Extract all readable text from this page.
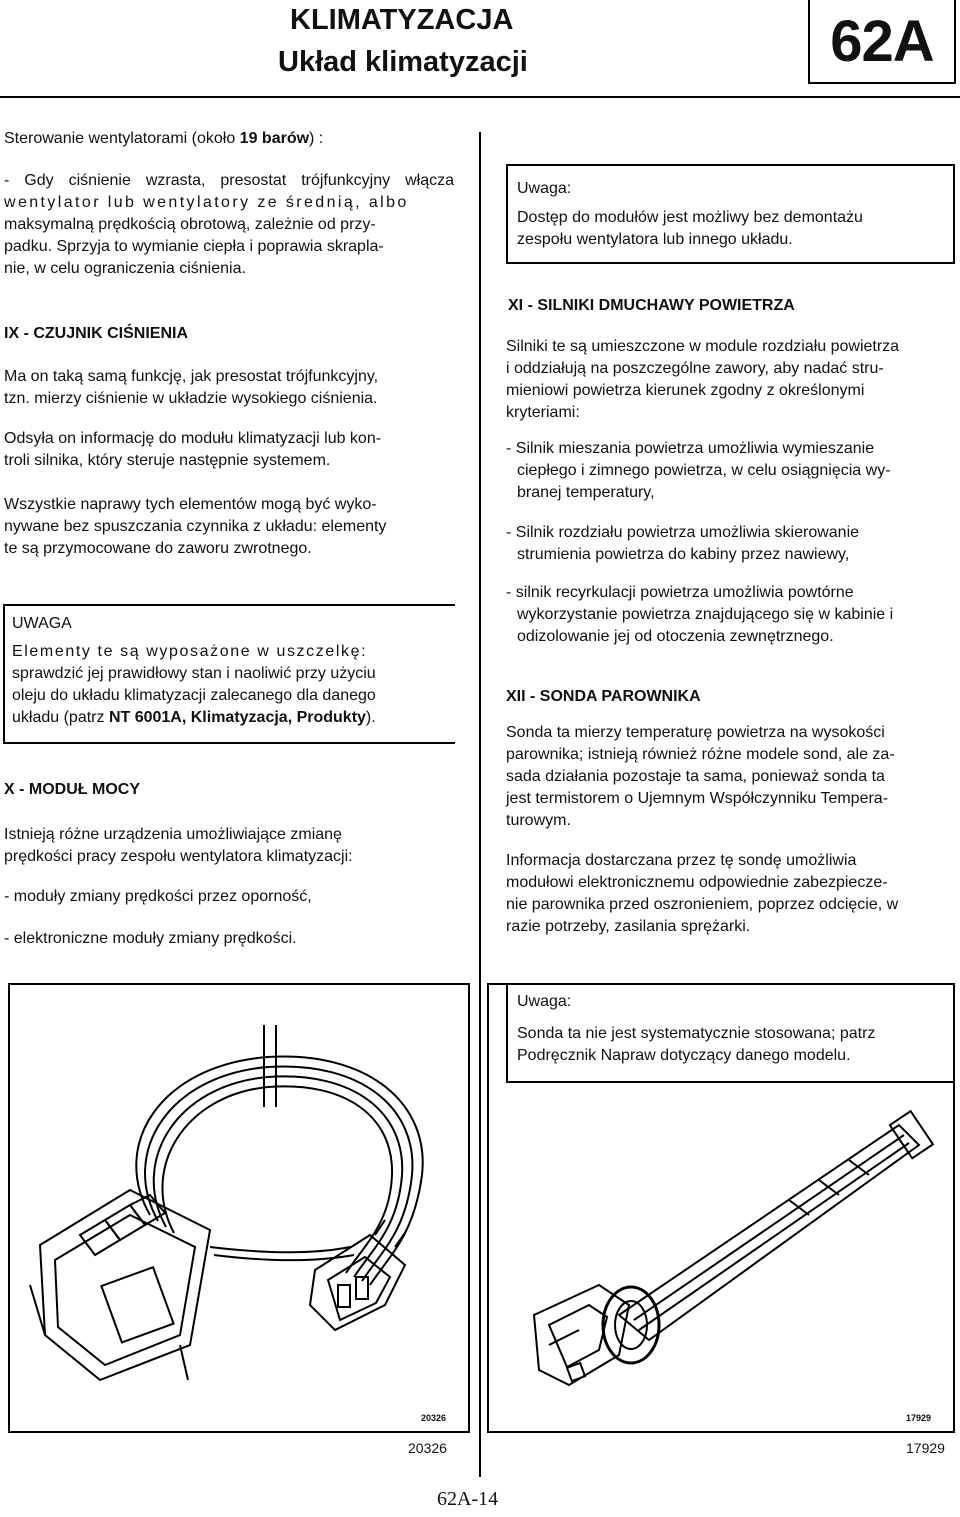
KLIMATYZACJA
Układ klimatyzacji	62A

Sterowanie wentylatorami (około 19 barów) :

- Gdy ciśnienie wzrasta, presostat trójfunkcyjny włącza

wentylator lub wentylatory ze średnią, albo

maksymalną prędkością obrotową, zależnie od przy-

padku. Sprzyja to wymianie ciepła i poprawia skrapla-

nie, w celu ograniczenia ciśnienia.

IX - CZUJNIK CIŚNIENIA

Ma on taką samą funkcję, jak presostat trójfunkcyjny,

tzn. mierzy ciśnienie w układzie wysokiego ciśnienia.

Odsyła on informację do modułu klimatyzacji lub kon-

troli silnika, który steruje następnie systemem.

Wszystkie naprawy tych elementów mogą być wyko-

nywane bez spuszczania czynnika z układu: elementy

te są przymocowane do zaworu zwrotnego.

UWAGA

Elementy te są wyposażone w uszczelkę:

sprawdzić jej prawidłowy stan i naoliwić przy użyciu

oleju do układu klimatyzacji zalecanego dla danego

układu (patrz NT 6001A, Klimatyzacja, Produkty).

X - MODUŁ MOCY

Istnieją różne urządzenia umożliwiające zmianę

prędkości pracy zespołu wentylatora klimatyzacji:

- moduły zmiany prędkości przez oporność,

- elektroniczne moduły zmiany prędkości.

20326

20326

Uwaga:

Dostęp do modułów jest możliwy bez demontażu

zespołu wentylatora lub innego układu.

XI - SILNIKI DMUCHAWY POWIETRZA

Silniki te są umieszczone w module rozdziału powietrza

i oddziałują na poszczególne zawory, aby nadać stru-

mieniowi powietrza kierunek zgodny z określonymi

kryteriami:

- Silnik mieszania powietrza umożliwia wymieszanie

ciepłego i zimnego powietrza, w celu osiągnięcia wy-

branej temperatury,

- Silnik rozdziału powietrza umożliwia skierowanie

strumienia powietrza do kabiny przez nawiewy,

- silnik recyrkulacji powietrza umożliwia powtórne

wykorzystanie powietrza znajdującego się w kabinie i

odizolowanie jej od otoczenia zewnętrznego.

XII - SONDA PAROWNIKA

Sonda ta mierzy temperaturę powietrza na wysokości

parownika; istnieją również różne modele sond, ale za-

sada działania pozostaje ta sama, ponieważ sonda ta

jest termistorem o Ujemnym Współczynniku Tempera-

turowym.

Informacja dostarczana przez tę sondę umożliwia

modułowi elektronicznemu odpowiednie zabezpiecze-

nie parownika przed oszronieniem, poprzez odcięcie, w

razie potrzeby, zasilania sprężarki.

17929

Uwaga:

Sonda ta nie jest systematycznie stosowana; patrz

Podręcznik Napraw dotyczący danego modelu.

17929

62A-14
